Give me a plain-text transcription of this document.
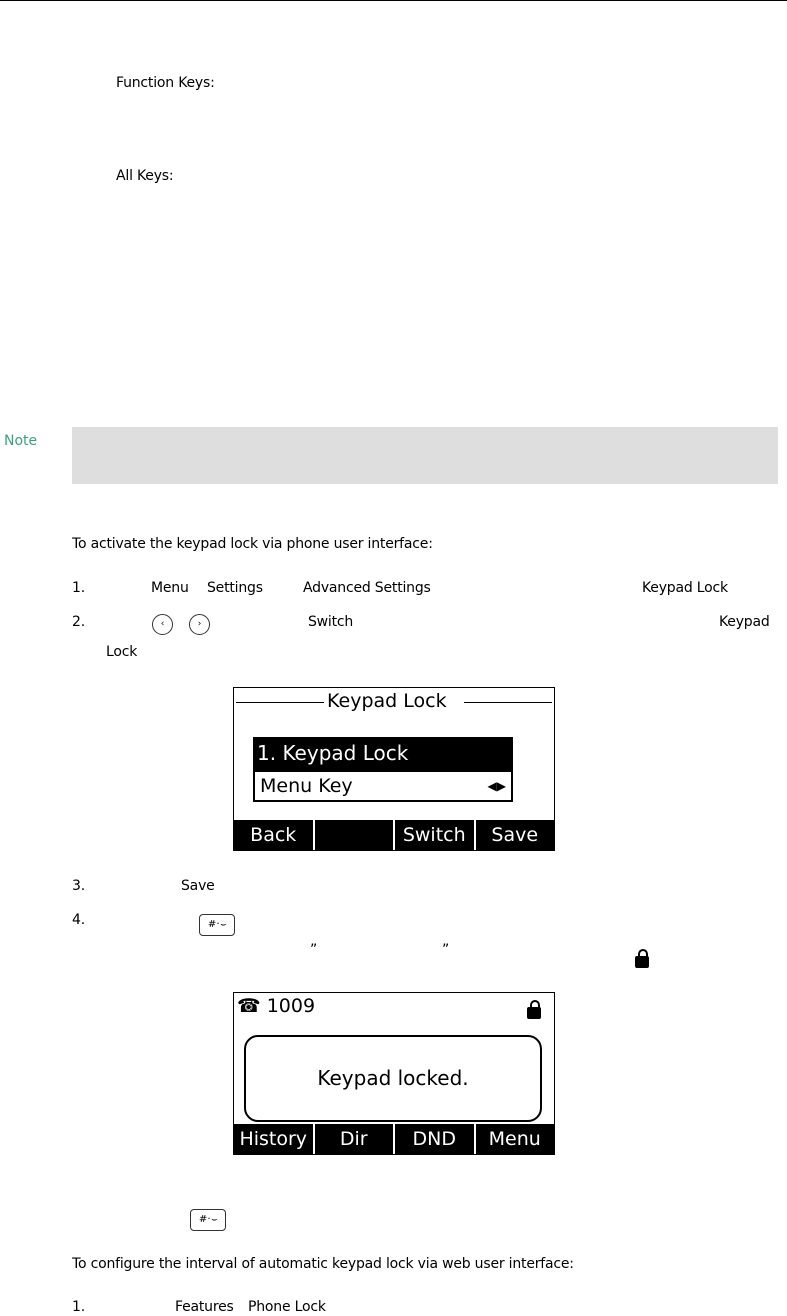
Function Keys:
All Keys:
Note
To activate the keypad lock via phone user interface:
1.	Menu Settings	Advanced Settings	Keypad Lock
2.	‹	›	Switch	Keypad
Lock
Keypad Lock
1. Keypad Lock
Menu Key	◀▶
Back	Switch	Save
3.	Save
4.	#·⌣
”	”
☎ 1009
Keypad locked.
History	Dir	DND	Menu
#·⌣
To configure the interval of automatic keypad lock via web user interface:
1.	Features Phone Lock
